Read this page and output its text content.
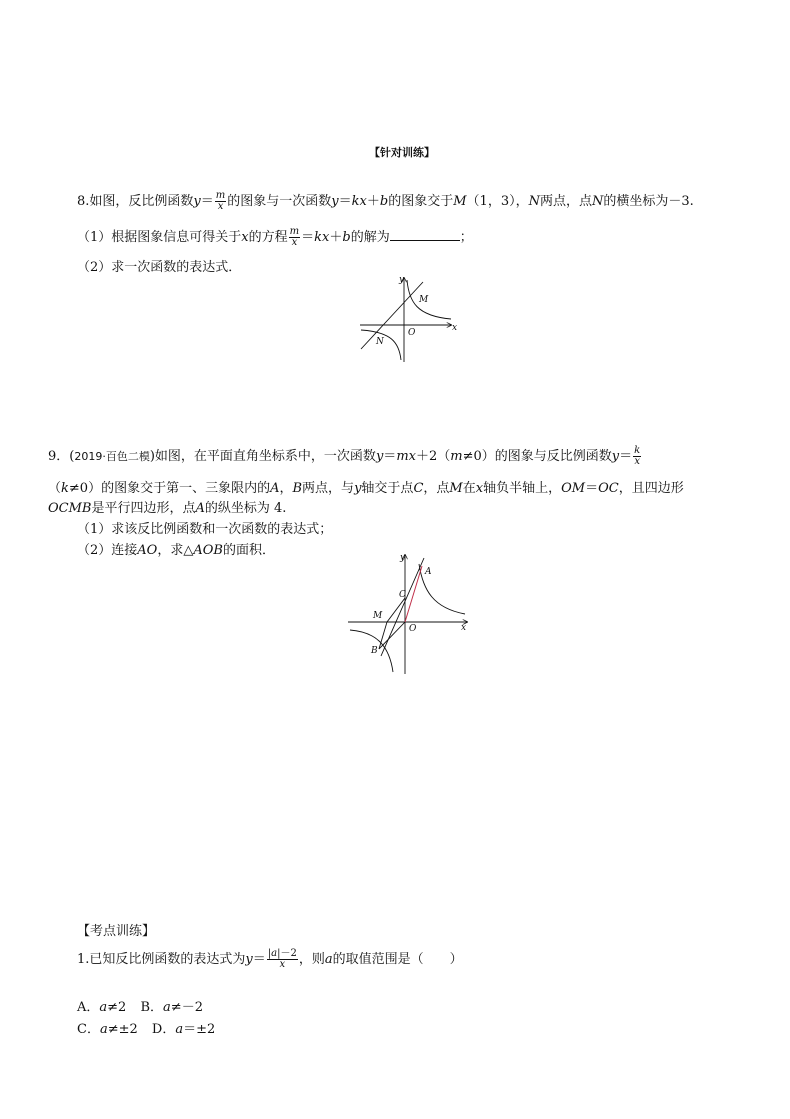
【针对训练】
8.如图，反比例函数$y= \frac{m}{x}$ 的图象与一次函数y＝kx＋b的图象交于M（1，3），N两点，点N的横坐标为－3.
（1）根据图象信息可得关于x的方程 $\frac{m}{x} =kx+b$的解为	；
（2）求一次函数的表达式．
y
x
O
M
N
9．(2019·百色二模)如图，在平面直角坐标系中，一次函数y＝mx＋2（m≠0）的图象与反比例函数$y= \frac{k}{x}$
（k≠0）的图象交于第一、三象限内的A，B两点，与y轴交于点C，点M在x轴负半轴上，OM＝OC，且四边形
OCMB是平行四边形，点A的纵坐标为 4.
（1）求该反比例函数和一次函数的表达式；
（2）连接AO，求△AOB的面积．	y
x
O
A
B
C
M
【考点训练】
1.已知反比例函数的表达式为$y= \frac{|a|-2}{x}$ ，则a的取值范围是（　　）
A．a≠2 B．a≠－2
C．a≠±2 D．a＝±2
